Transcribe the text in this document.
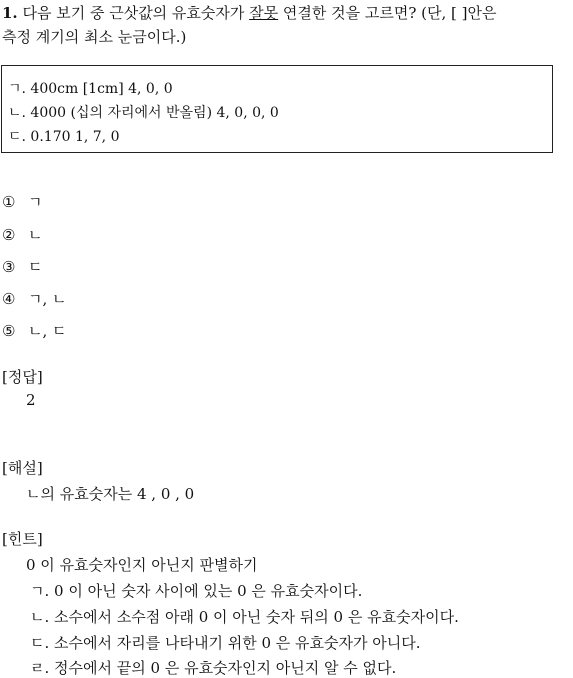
1. 다음 보기 중 근삿값의 유효숫자가 잘못 연결한 것을 고르면? (단, [ ]안은
측정 계기의 최소 눈금이다.)
ㄱ. 400cm [1cm] 4, 0, 0
ㄴ. 4000 (십의 자리에서 반올림) 4, 0, 0, 0
ㄷ. 0.170 1, 7, 0
① ㄱ
② ㄴ
③ ㄷ
④ ㄱ, ㄴ
⑤ ㄴ, ㄷ
[정답]
2
[해설]
ㄴ의 유효숫자는 4 , 0 , 0
[힌트]
0 이 유효숫자인지 아닌지 판별하기
ㄱ. 0 이 아닌 숫자 사이에 있는 0 은 유효숫자이다.
ㄴ. 소수에서 소수점 아래 0 이 아닌 숫자 뒤의 0 은 유효숫자이다.
ㄷ. 소수에서 자리를 나타내기 위한 0 은 유효숫자가 아니다.
ㄹ. 정수에서 끝의 0 은 유효숫자인지 아닌지 알 수 없다.
